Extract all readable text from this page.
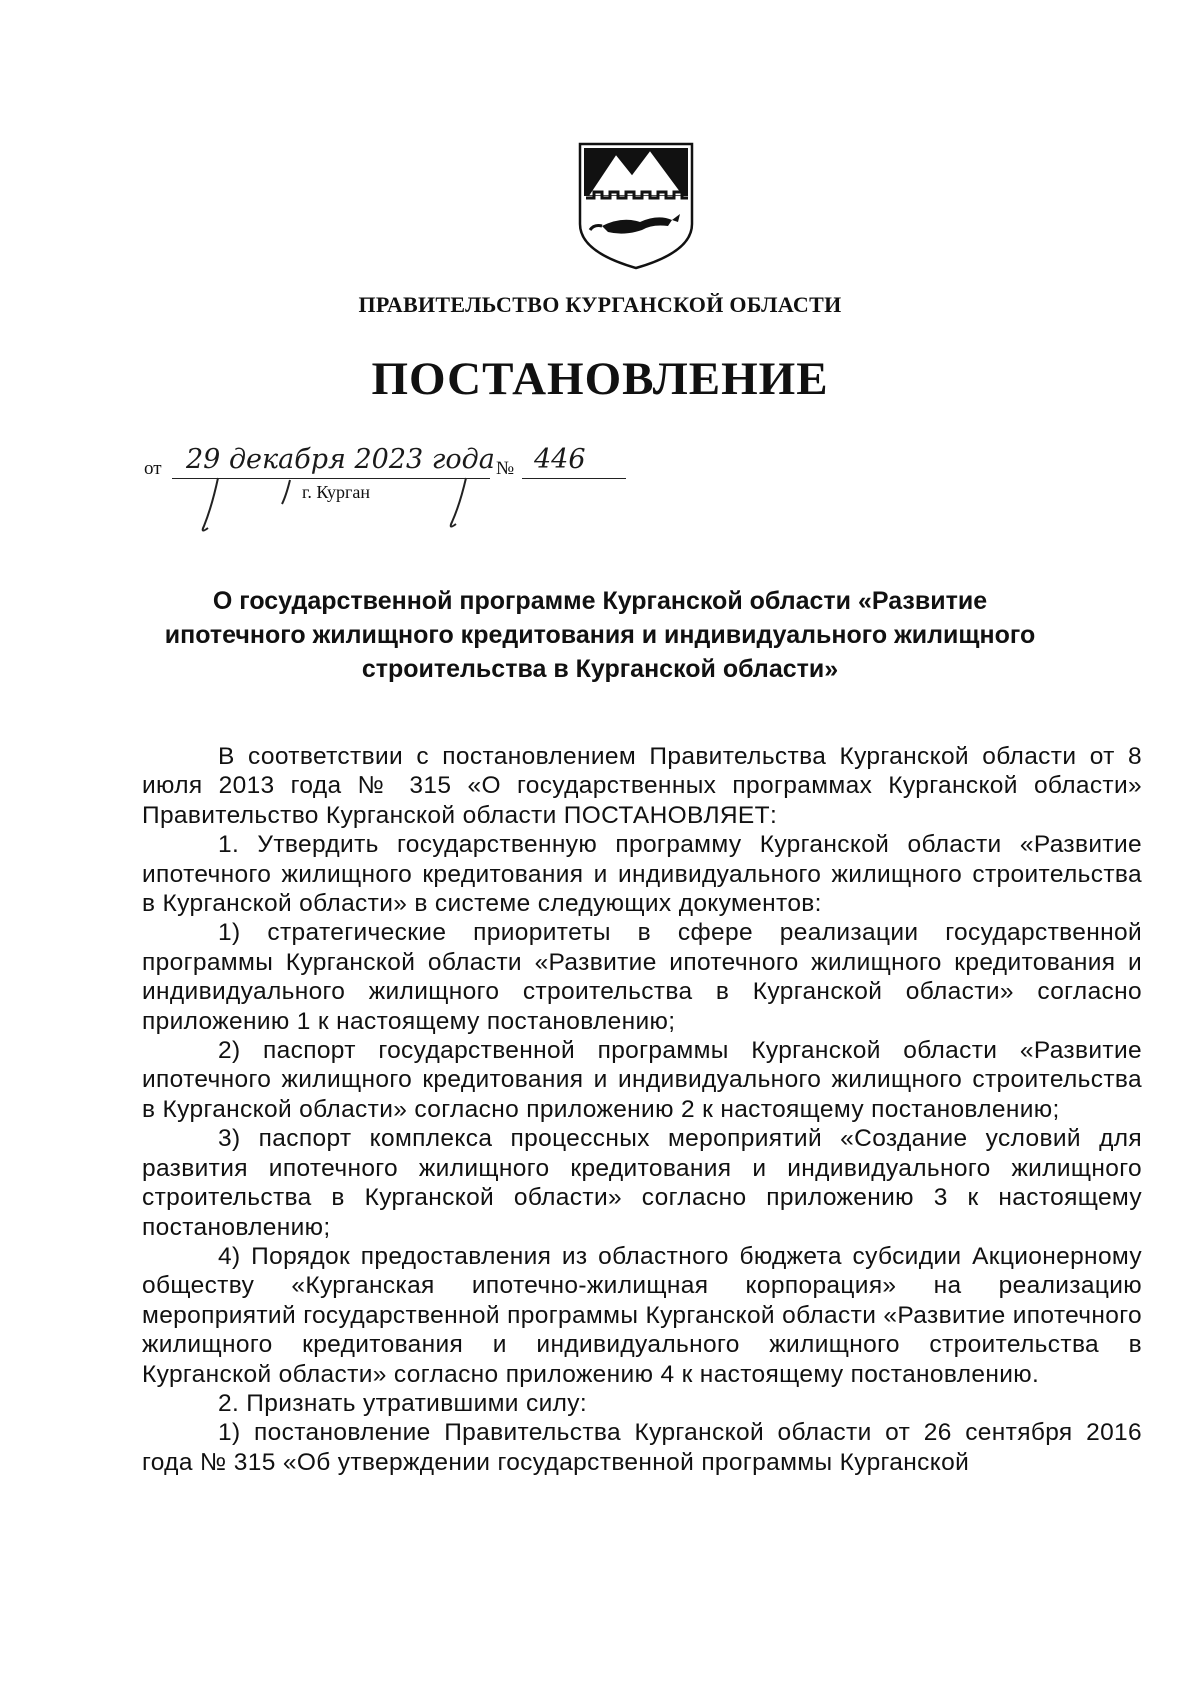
ПРАВИТЕЛЬСТВО КУРГАНСКОЙ ОБЛАСТИ
ПОСТАНОВЛЕНИЕ
от 29 декабря 2023 года № 446
г. Курган
О государственной программе Курганской области «Развитие ипотечного жилищного кредитования и индивидуального жилищного строительства в Курганской области»

В соответствии с постановлением Правительства Курганской области от 8 июля 2013 года № 315 «О государственных программах Курганской области» Правительство Курганской области ПОСТАНОВЛЯЕТ:

1. Утвердить государственную программу Курганской области «Развитие ипотечного жилищного кредитования и индивидуального жилищного строительства в Курганской области» в системе следующих документов:

1) стратегические приоритеты в сфере реализации государственной программы Курганской области «Развитие ипотечного жилищного кредитования и индивидуального жилищного строительства в Курганской области» согласно приложению 1 к настоящему постановлению;

2) паспорт государственной программы Курганской области «Развитие ипотечного жилищного кредитования и индивидуального жилищного строительства в Курганской области» согласно приложению 2 к настоящему постановлению;

3) паспорт комплекса процессных мероприятий «Создание условий для развития ипотечного жилищного кредитования и индивидуального жилищного строительства в Курганской области» согласно приложению 3 к настоящему постановлению;

4) Порядок предоставления из областного бюджета субсидии Акционерному обществу «Курганская ипотечно-жилищная корпорация» на реализацию мероприятий государственной программы Курганской области «Развитие ипотечного жилищного кредитования и индивидуального жилищного строительства в Курганской области» согласно приложению 4 к настоящему постановлению.

2. Признать утратившими силу:

1) постановление Правительства Курганской области от 26 сентября 2016 года № 315 «Об утверждении государственной программы Курганской
